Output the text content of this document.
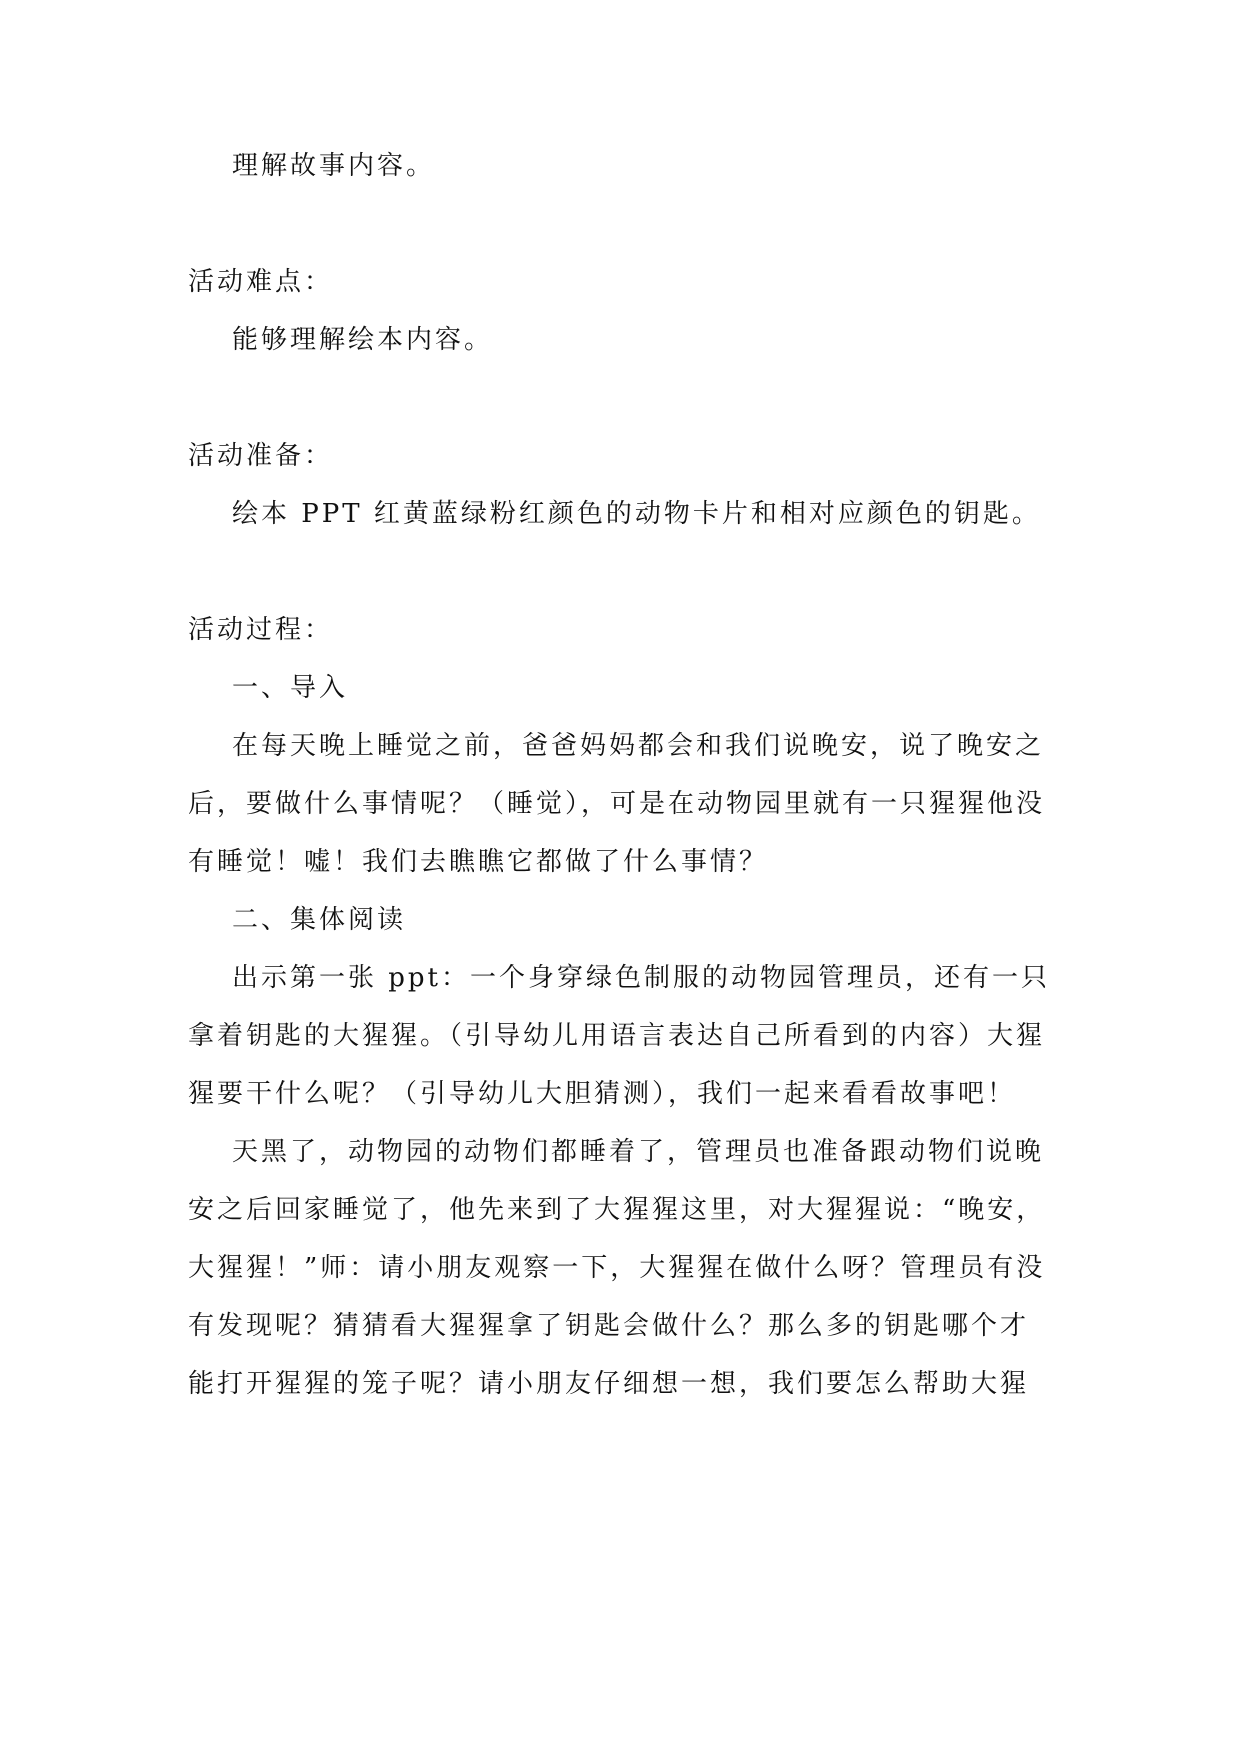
理解故事内容。
活动难点：
能够理解绘本内容。
活动准备：
绘本 PPT 红黄蓝绿粉红颜色的动物卡片和相对应颜色的钥匙。
活动过程：
一、导入
在每天晚上睡觉之前，爸爸妈妈都会和我们说晚安，说了晚安之
后，要做什么事情呢？（睡觉），可是在动物园里就有一只猩猩他没
有睡觉！嘘！我们去瞧瞧它都做了什么事情？
二、集体阅读
出示第一张 ppt：一个身穿绿色制服的动物园管理员，还有一只
拿着钥匙的大猩猩。（引导幼儿用语言表达自己所看到的内容）大猩
猩要干什么呢？（引导幼儿大胆猜测），我们一起来看看故事吧！
天黑了，动物园的动物们都睡着了，管理员也准备跟动物们说晚
安之后回家睡觉了，他先来到了大猩猩这里，对大猩猩说：“晚安，
大猩猩！”师：请小朋友观察一下，大猩猩在做什么呀？管理员有没
有发现呢？猜猜看大猩猩拿了钥匙会做什么？那么多的钥匙哪个才
能打开猩猩的笼子呢？请小朋友仔细想一想，我们要怎么帮助大猩
